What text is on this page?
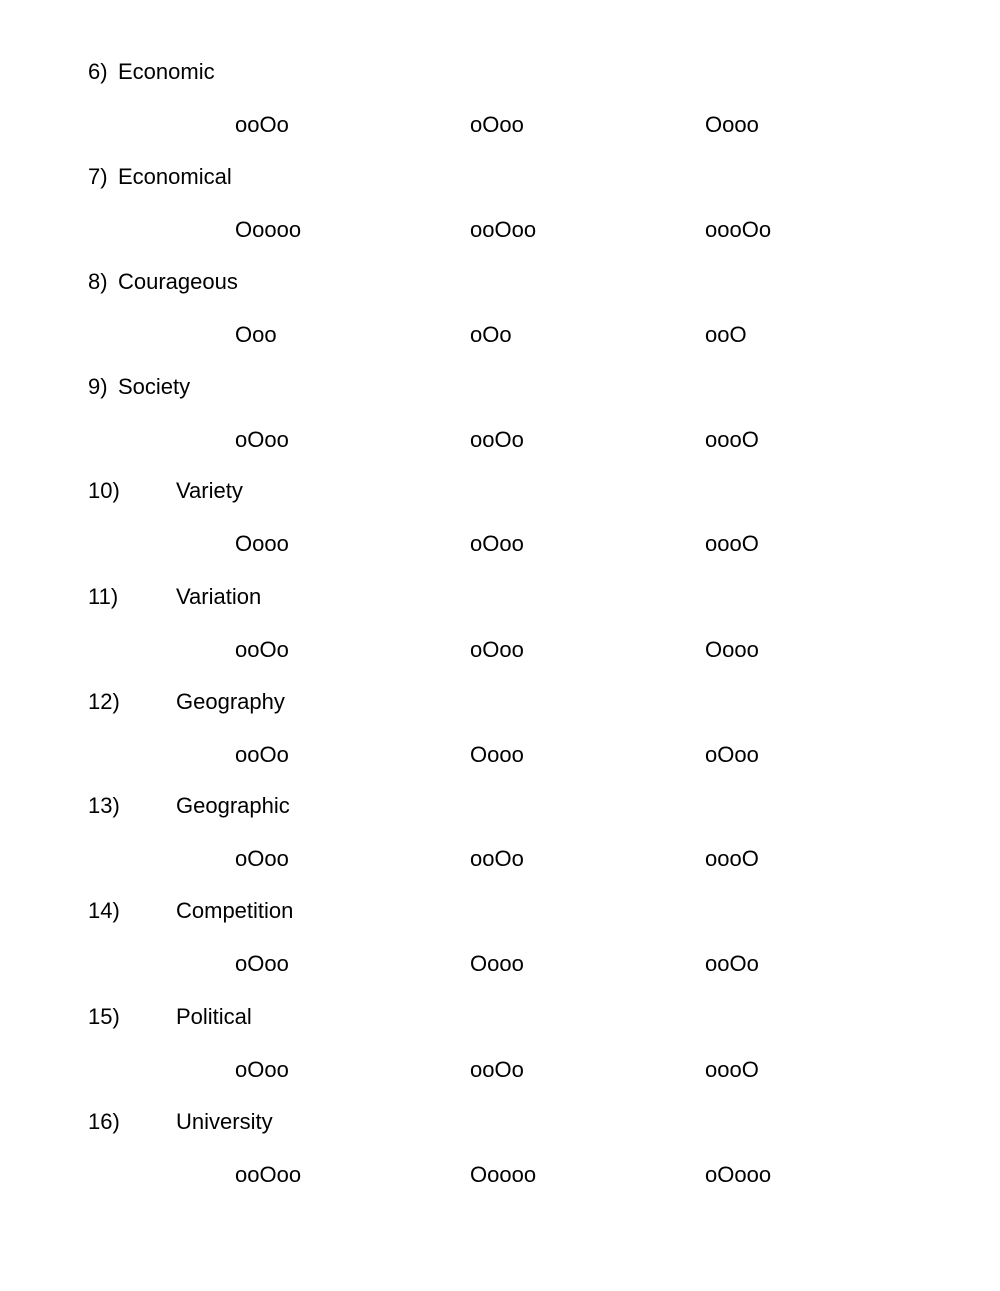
6) Economic
ooOo	oOoo	Oooo
7) Economical
Ooooo	ooOoo	oooOo
8) Courageous
Ooo	oOo	ooO
9) Society
oOoo	ooOo	oooO
10)	Variety
Oooo	oOoo	oooO
11)	Variation
ooOo	oOoo	Oooo
12)	Geography
ooOo	Oooo	oOoo
13)	Geographic
oOoo	ooOo	oooO
14)	Competition
oOoo	Oooo	ooOo
15)	Political
oOoo	ooOo	oooO
16)	University
ooOoo	Ooooo	oOooo
